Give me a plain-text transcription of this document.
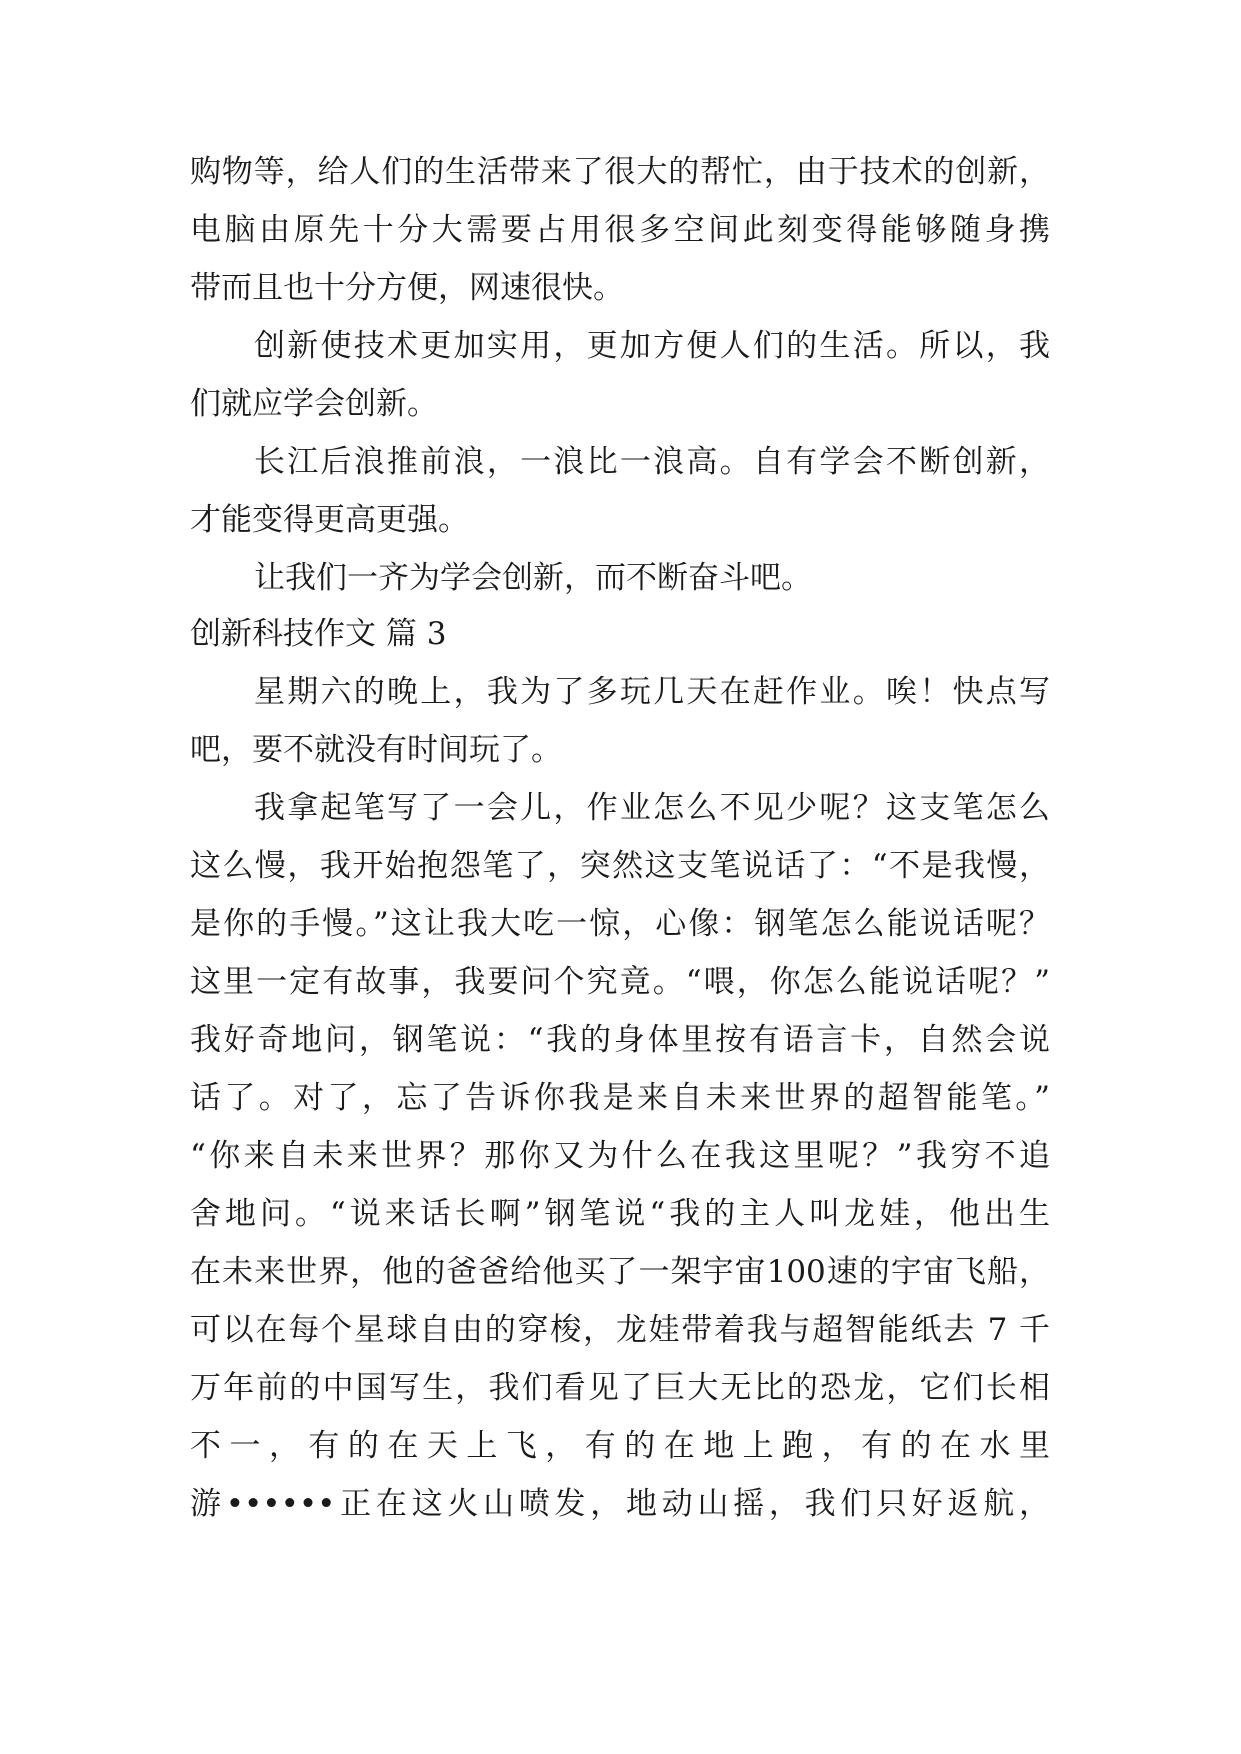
购物等，给人们的生活带来了很大的帮忙，由于技术的创新，
电脑由原先十分大需要占用很多空间此刻变得能够随身携
带而且也十分方便，网速很快。
创新使技术更加实用，更加方便人们的生活。所以，我
们就应学会创新。
长江后浪推前浪，一浪比一浪高。自有学会不断创新，
才能变得更高更强。
让我们一齐为学会创新，而不断奋斗吧。
创新科技作文 篇 3
星期六的晚上，我为了多玩几天在赶作业。唉！快点写
吧，要不就没有时间玩了。
我拿起笔写了一会儿，作业怎么不见少呢？这支笔怎么
这么慢，我开始抱怨笔了，突然这支笔说话了：“不是我慢，
是你的手慢。”这让我大吃一惊，心像：钢笔怎么能说话呢？
这里一定有故事，我要问个究竟。“喂，你怎么能说话呢？”
我好奇地问，钢笔说：“我的身体里按有语言卡，自然会说
话了。对了，忘了告诉你我是来自未来世界的超智能笔。”
“你来自未来世界？那你又为什么在我这里呢？”我穷不追
舍地问。“说来话长啊”钢笔说“我的主人叫龙娃，他出生
在未来世界，他的爸爸给他买了一架宇宙100速的宇宙飞船，
可以在每个星球自由的穿梭，龙娃带着我与超智能纸去 7 千
万年前的中国写生，我们看见了巨大无比的恐龙，它们长相
不一，有的在天上飞，有的在地上跑，有的在水里
游••••••正在这火山喷发，地动山摇，我们只好返航，
